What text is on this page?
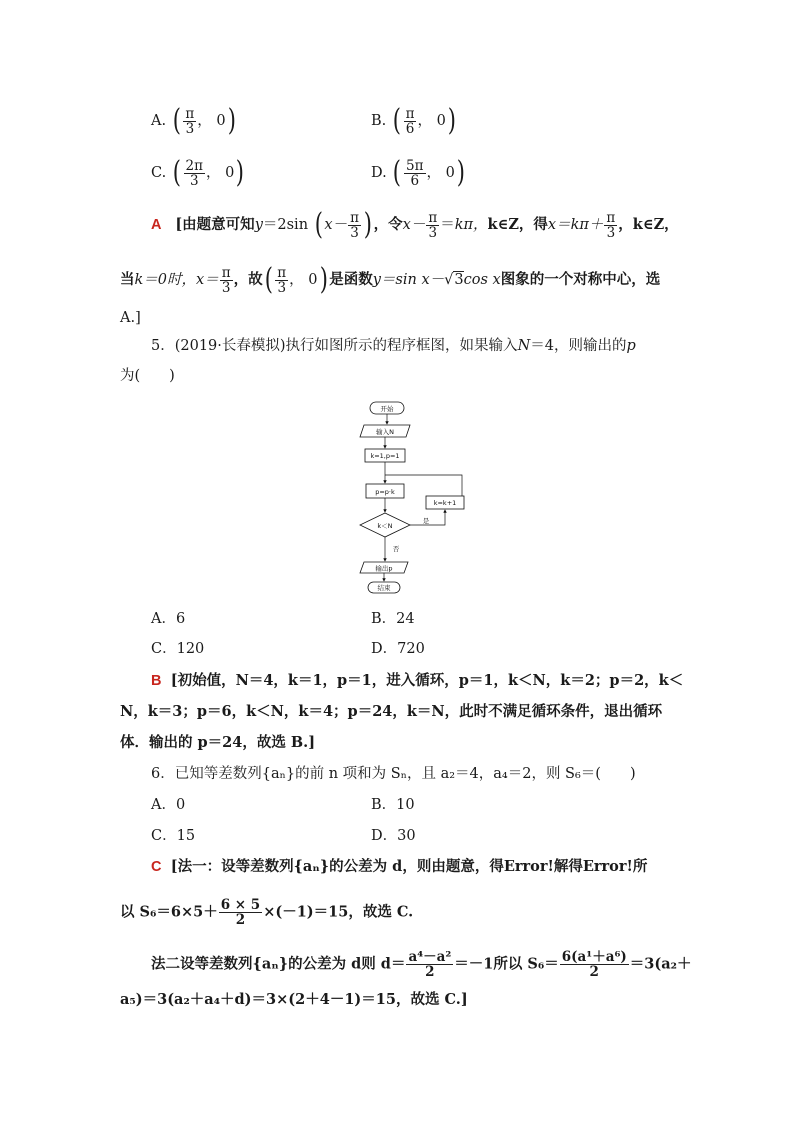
A. ( $\frac{\pi}{3}$ ， 0 )	B. ( $\frac{\pi}{6}$ ， 0 )
C. ( $\frac{2\pi}{3}$ ， 0 )	D. ( $\frac{5\pi}{6}$ ， 0 )
A [由题意可知y＝2sin ( $x- \frac{\pi}{3}$ ) ，令$x- \frac{\pi}{3} =k\pi$，k∈Z，得$x=k\pi+ \frac{\pi}{3}$ ，k∈Z，
当k＝0时，$x= \frac{\pi}{3}$ ，故 ( $\frac{\pi}{3}$ ， 0 ) 是函数y＝sin x－√3cos x图象的一个对称中心，选
A.]
5．(2019·长春模拟)执行如图所示的程序框图，如果输入N＝4，则输出的p
为(　　)
开始
输入N
k=1,p=1
p=p·k
k=k+1
k＜N
是
否
输出p
结束
A．6	B．24
C．120	D．720
B [初始值，N＝4，k＝1，p＝1，进入循环，p＝1，k＜N，k＝2；p＝2，k＜
N，k＝3；p＝6，k＜N，k＝4；p＝24，k＝N，此时不满足循环条件，退出循环
体．输出的 p＝24，故选 B.]
6．已知等差数列{aₙ}的前 n 项和为 Sₙ，且 a₂＝4，a₄＝2，则 S₆＝(　　)
A．0	B．10
C．15	D．30
C [法一：设等差数列{aₙ}的公差为 d，则由题意，得Error!解得Error!所
以 $S_6=6\times 5+ \frac{6 \times 5}{2} \times(-1)=15$，故选 C.
法二设等差数列{aₙ}的公差为 d则 $d= \frac{\text{a⁴－a²}}{2} =-1$所以 $S_6= \frac{\text{6(a¹＋a⁶)}}{2} =3(a_2+$
a₅)＝3(a₂＋a₄＋d)＝3×(2＋4－1)＝15，故选 C.]
